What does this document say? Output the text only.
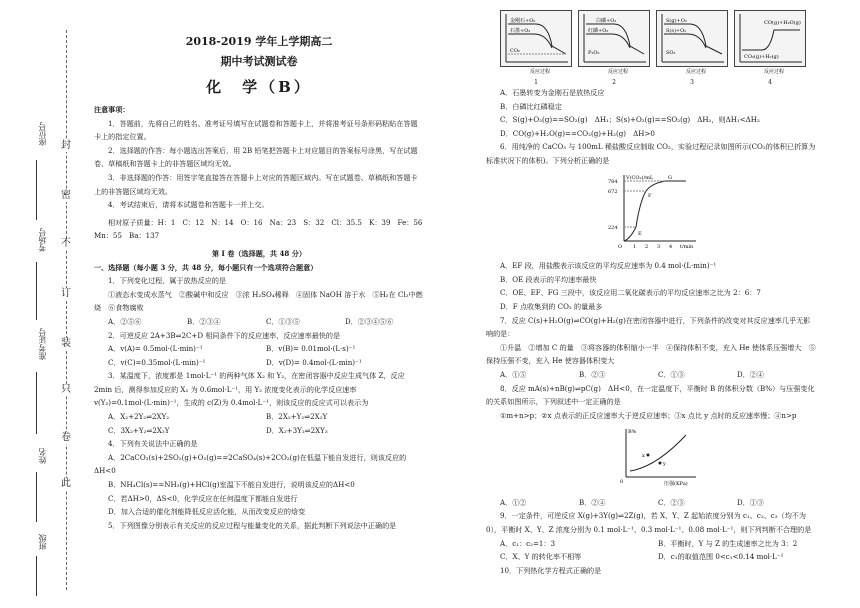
封
密
不
订
装
只
卷
此
座位号
考场号
准考证号
姓名
班级
2018-2019 学年上学期高二
期中考试测试卷
化　学（B）
注意事项：
1．答题前，先将自己的姓名、准考证号填写在试题卷和答题卡上，并将准考证号条形码粘贴在答题卡上的指定位置。
2．选择题的作答：每小题选出答案后，用 2B 铅笔把答题卡上对应题目的答案标号涂黑，写在试题卷、草稿纸和答题卡上的非答题区域均无效。
3．非选择题的作答：用签字笔直接答在答题卡上对应的答题区域内。写在试题卷、草稿纸和答题卡上的非答题区域均无效。
4．考试结束后，请将本试题卷和答题卡一并上交。
相对原子质量：H：1　C：12　N：14　O：16　Na：23　S：32　Cl：35.5　K：39　Fe：56 Mn：55　Ba：137
第 I 卷（选择题，共 48 分）
一、选择题（每小题 3 分，共 48 分，每小题只有一个选项符合题意）
1．下列变化过程，属于放热反应的是
①液态水变成水蒸气　②酸碱中和反应　③浓 H₂SO₄稀释　④固体 NaOH 溶于水　⑤H₂在 Cl₂中燃烧　⑥食物腐败
A．②⑤⑥	B．②③④	C．①③⑤	D．②③④⑤⑥
2．可逆反应 2A+3B⇌2C+D 相同条件下的反应速率，反应速率最快的是
A．v(A)= 0.5mol·(L·min)⁻¹	B．v(B)= 0.01mol·(L·s)⁻¹
C．v(C)=0.35mol·(L·min)⁻¹	D．v(D)= 0.4mol·(L·min)⁻¹
3．某温度下，浓度都是 1mol·L⁻¹ 的两种气体 X₂ 和 Y₂，在密闭容器中反应生成气体 Z，反应 2min 后，测得参加反应的 X₂ 为 0.6mol·L⁻¹，用 Y₂ 浓度变化表示的化学反应速率 v(Y₂)=0.1mol·(L·min)⁻¹，生成的 c(Z)为 0.4mol·L⁻¹，则该反应的反应式可以表示为
A．X₂+2Y₂⇌2XY₂	B．2X₂+Y₂⇌2X₂Y
C．3X₂+Y₂⇌2X₃Y	D．X₂+3Y₂⇌2XY₃
4．下列有关说法中正确的是
A．2CaCO₃(s)+2SO₂(g)+O₂(g)==2CaSO₄(s)+2CO₂(g)在低温下能自发进行，则该反应的ΔH<0
B．NH₄Cl(s)==NH₃(g)+HCl(g)室温下不能自发进行，说明该反应的ΔH<0
C．若ΔH>0，ΔS<0，化学反应在任何温度下都能自发进行
D．加入合适的催化剂能降低反应活化能，从而改变反应的焓变
5．下列图像分别表示有关反应的反应过程与能量变化的关系，据此判断下列说法中正确的是
金刚石+O₂
石墨+O₂
CO₂
反应过程
1
白磷+O₂
红磷+O₂
P₂O₅
反应过程
2
S(g)+O₂
S(s)+O₂
SO₂
反应过程
3
CO(g)+H₂O(g)
CO₂(g)+H₂(g)
反应过程
4
A．石墨转变为金刚石是放热反应
B．白磷比红磷稳定
C．S(g)+O₂(g)==SO₂(g)　ΔH₁；S(s)+O₂(g)==SO₂(g)　ΔH₂，则ΔH₁<ΔH₂
D．CO(g)+H₂O(g)==CO₂(g)+H₂(g)　ΔH>0
6．用纯净的 CaCO₃ 与 100mL 稀盐酸反应制取 CO₂，实验过程记录如图所示(CO₂的体积已折算为标准状况下的体积)。下列分析正确的是
V(CO₂)/mL
784
672
224
1 2 3 4 t/min
O
E
F
G
A．EF 段，用盐酸表示该反应的平均反应速率为 0.4 mol·(L·min)⁻¹
B．OE 段表示的平均速率最快
C．OE、EF、FG 三段中，该反应用二氧化碳表示的平均反应速率之比为 2：6：7
D．F 点收集到的 CO₂ 的量最多
7．反应 C(s)+H₂O(g)⇌CO(g)+H₂(g)在密闭容器中进行，下列条件的改变对其反应速率几乎无影响的是：
①升温　②增加 C 的量　③将容器的体积缩小一半　④保持体积不变，充入 He 使体系压强增大　⑤保持压强不变，充入 He 使容器体积变大
A．①⑤	B．②③	C．①③	D．②④
8．反应 mA(s)+nB(g)⇌pC(g)　ΔH<0，在一定温度下，平衡时 B 的体积分数（B%）与压强变化的关系如图所示，下列叙述中一定正确的是
①m+n>p；②x 点表示的正反应速率大于逆反应速率；③x 点比 y 点时的反应速率慢；④n>p
B%
0
x
y
压强(KPa)
A．①②	B．②④	C．②③	D．①③
9．一定条件，可逆反应 X(g)+3Y(g)⇌2Z(g)，若 X、Y、Z 起始浓度分别为 c₁、c₂、c₃（均不为 0），平衡时 X、Y、Z 浓度分别为 0.1 mol·L⁻¹、0.3 mol·L⁻¹、0.08 mol·L⁻¹，则下列判断不合理的是
A．c₁：c₂=1：3	B．平衡时，Y 与 Z 的生成速率之比为 3：2
C．X、Y 的转化率不相等	D．c₁的取值范围 0<c₁<0.14 mol·L⁻¹
10．下列热化学方程式正确的是
